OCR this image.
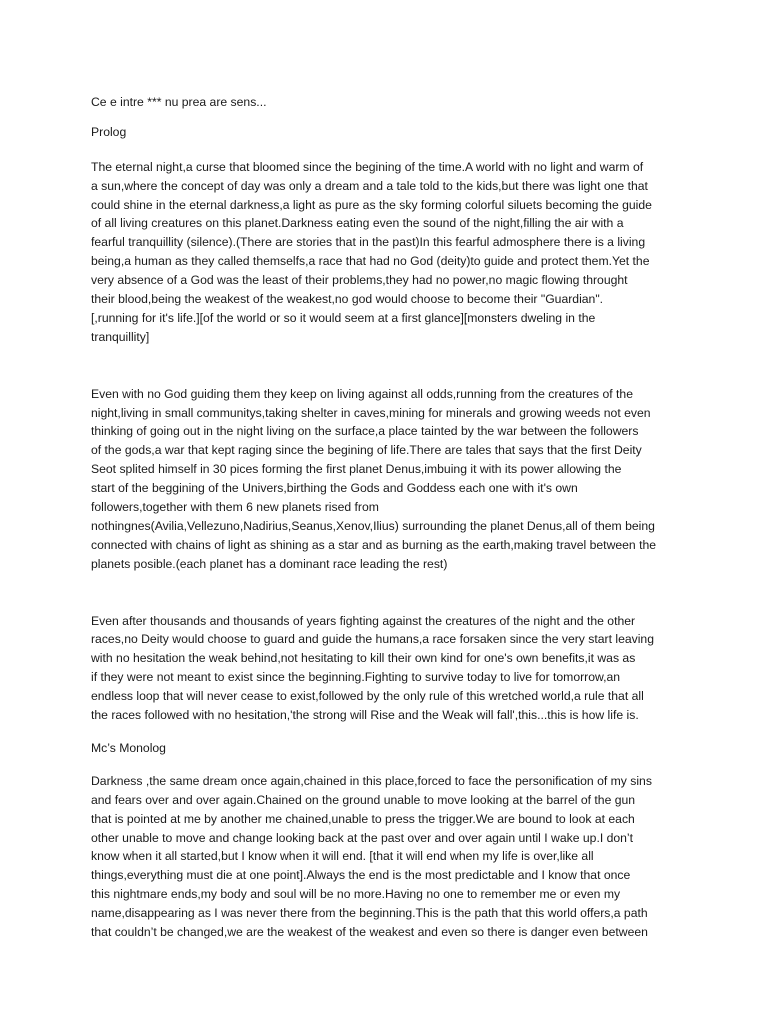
Ce e intre *** nu prea are sens...
Prolog
The eternal night,a curse that bloomed since the begining of the time.A world with no light and warm of
a sun,where the concept of day was only a dream and a tale told to the kids,but there was light one that
could shine in the eternal darkness,a light as pure as the sky forming colorful siluets becoming the guide
of all living creatures on this planet.Darkness eating even the sound of the night,filling the air with a
fearful tranquillity (silence).(There are stories that in the past)In this fearful admosphere there is a living
being,a human as they called themselfs,a race that had no God (deity)to guide and protect them.Yet the
very absence of a God was the least of their problems,they had no power,no magic flowing throught
their blood,being the weakest of the weakest,no god would choose to become their "Guardian".
[,running for it's life.][of the world or so it would seem at a first glance][monsters dweling in the
tranquillity]
Even with no God guiding them they keep on living against all odds,running from the creatures of the
night,living in small communitys,taking shelter in caves,mining for minerals and growing weeds not even
thinking of going out in the night living on the surface,a place tainted by the war between the followers
of the gods,a war that kept raging since the begining of life.There are tales that says that the first Deity
Seot splited himself in 30 pices forming the first planet Denus,imbuing it with its power allowing the
start of the beggining of the Univers,birthing the Gods and Goddess each one with it's own
followers,together with them 6 new planets rised from
nothingnes(Avilia,Vellezuno,Nadirius,Seanus,Xenov,Ilius) surrounding the planet Denus,all of them being
connected with chains of light as shining as a star and as burning as the earth,making travel between the
planets posible.(each planet has a dominant race leading the rest)
Even after thousands and thousands of years fighting against the creatures of the night and the other
races,no Deity would choose to guard and guide the humans,a race forsaken since the very start leaving
with no hesitation the weak behind,not hesitating to kill their own kind for one's own benefits,it was as
if they were not meant to exist since the beginning.Fighting to survive today to live for tomorrow,an
endless loop that will never cease to exist,followed by the only rule of this wretched world,a rule that all
the races followed with no hesitation,'the strong will Rise and the Weak will fall',this...this is how life is.
Mc’s Monolog
Darkness ,the same dream once again,chained in this place,forced to face the personification of my sins
and fears over and over again.Chained on the ground unable to move looking at the barrel of the gun
that is pointed at me by another me chained,unable to press the trigger.We are bound to look at each
other unable to move and change looking back at the past over and over again until I wake up.I don’t
know when it all started,but I know when it will end. [that it will end when my life is over,like all
things,everything must die at one point].Always the end is the most predictable and I know that once
this nightmare ends,my body and soul will be no more.Having no one to remember me or even my
name,disappearing as I was never there from the beginning.This is the path that this world offers,a path
that couldn’t be changed,we are the weakest of the weakest and even so there is danger even between
